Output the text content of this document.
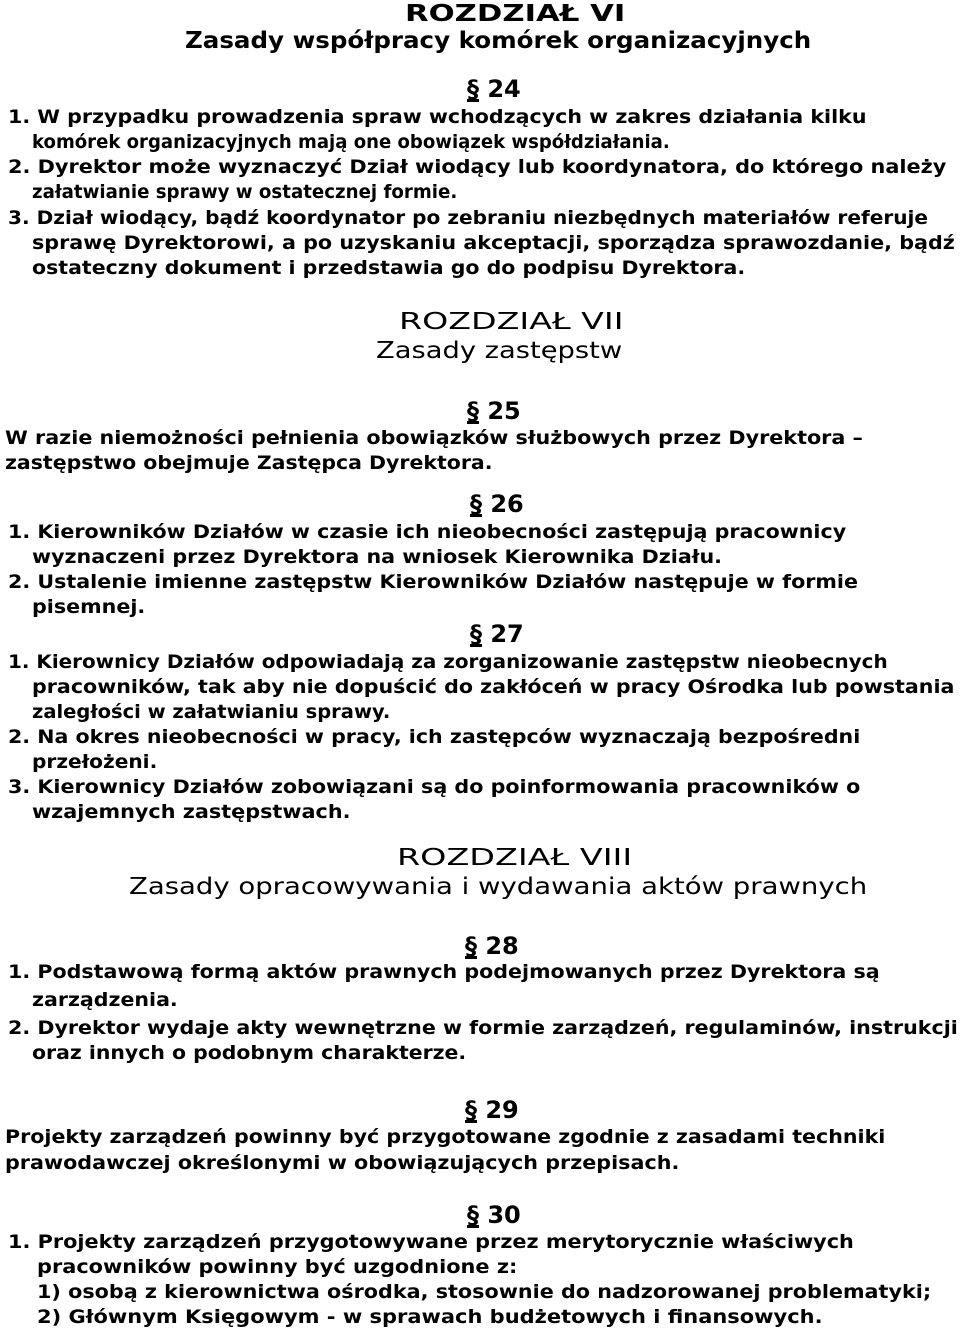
ROZDZIAŁ VI
Zasady współpracy komórek organizacyjnych
§ 24
1. W przypadku prowadzenia spraw wchodzących w zakres działania kilku
komórek organizacyjnych mają one obowiązek współdziałania.
2. Dyrektor może wyznaczyć Dział wiodący lub koordynatora, do którego należy
załatwianie sprawy w ostatecznej formie.
3. Dział wiodący, bądź koordynator po zebraniu niezbędnych materiałów referuje
sprawę Dyrektorowi, a po uzyskaniu akceptacji, sporządza sprawozdanie, bądź
ostateczny dokument i przedstawia go do podpisu Dyrektora.
ROZDZIAŁ VII
Zasady zastępstw
§ 25
W razie niemożności pełnienia obowiązków służbowych przez Dyrektora –
zastępstwo obejmuje Zastępca Dyrektora.
§ 26
1. Kierowników Działów w czasie ich nieobecności zastępują pracownicy
wyznaczeni przez Dyrektora na wniosek Kierownika Działu.
2. Ustalenie imienne zastępstw Kierowników Działów następuje w formie
pisemnej.
§ 27
1. Kierownicy Działów odpowiadają za zorganizowanie zastępstw nieobecnych
pracowników, tak aby nie dopuścić do zakłóceń w pracy Ośrodka lub powstania
zaległości w załatwianiu sprawy.
2. Na okres nieobecności w pracy, ich zastępców wyznaczają bezpośredni
przełożeni.
3. Kierownicy Działów zobowiązani są do poinformowania pracowników o
wzajemnych zastępstwach.
ROZDZIAŁ VIII
Zasady opracowywania i wydawania aktów prawnych
§ 28
1. Podstawową formą aktów prawnych podejmowanych przez Dyrektora są
zarządzenia.
2. Dyrektor wydaje akty wewnętrzne w formie zarządzeń, regulaminów, instrukcji
oraz innych o podobnym charakterze.
§ 29
Projekty zarządzeń powinny być przygotowane zgodnie z zasadami techniki
prawodawczej określonymi w obowiązujących przepisach.
§ 30
1. Projekty zarządzeń przygotowywane przez merytorycznie właściwych
pracowników powinny być uzgodnione z:
1) osobą z kierownictwa ośrodka, stosownie do nadzorowanej problematyki;
2) Głównym Księgowym - w sprawach budżetowych i finansowych.
